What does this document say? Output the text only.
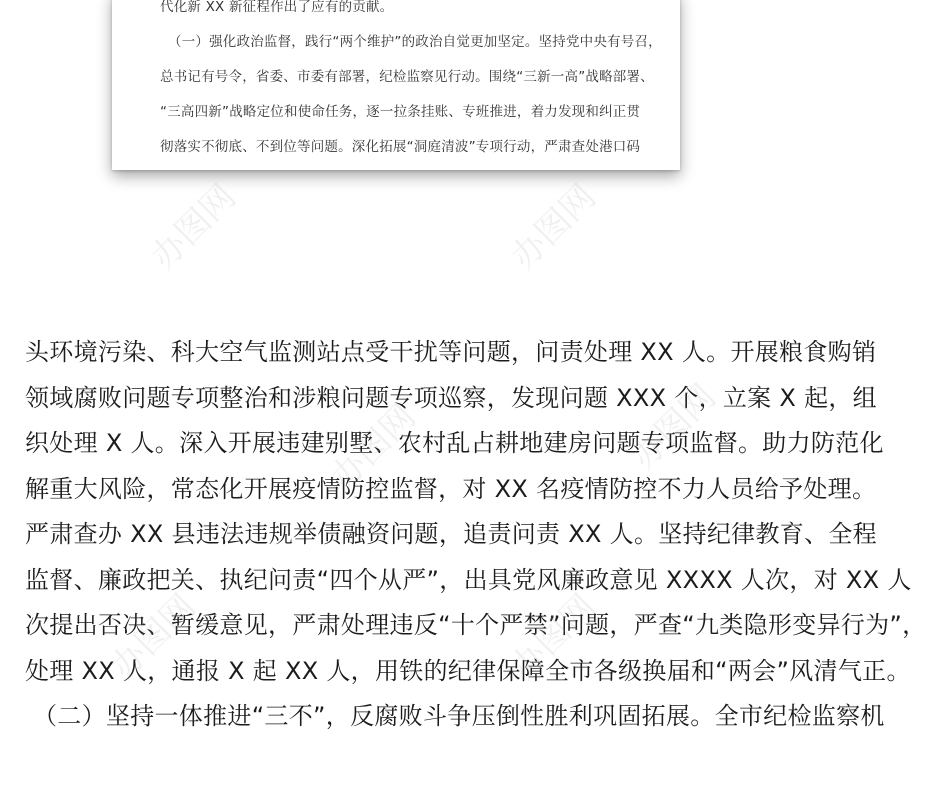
代化新 XX 新征程作出了应有的贡献。
（一）强化政治监督，践行“两个维护”的政治自觉更加坚定。坚持党中央有号召，
总书记有号令，省委、市委有部署，纪检监察见行动。围绕“三新一高”战略部署、
“三高四新”战略定位和使命任务，逐一拉条挂账、专班推进，着力发现和纠正贯
彻落实不彻底、不到位等问题。深化拓展“洞庭清波”专项行动，严肃查处港口码
头环境污染、科大空气监测站点受干扰等问题，问责处理 XX 人。开展粮食购销
领域腐败问题专项整治和涉粮问题专项巡察，发现问题 XXX 个，立案 X 起，组
织处理 X 人。深入开展违建别墅、农村乱占耕地建房问题专项监督。助力防范化
解重大风险，常态化开展疫情防控监督，对 XX 名疫情防控不力人员给予处理。
严肃查办 XX 县违法违规举债融资问题，追责问责 XX 人。坚持纪律教育、全程
监督、廉政把关、执纪问责“四个从严”，出具党风廉政意见 XXXX 人次，对 XX 人
次提出否决、暂缓意见，严肃处理违反“十个严禁”问题，严查“九类隐形变异行为”，
处理 XX 人，通报 X 起 XX 人，用铁的纪律保障全市各级换届和“两会”风清气正。
（二）坚持一体推进“三不”，反腐败斗争压倒性胜利巩固拓展。全市纪检监察机
办图网	办图网
办图网
办图网	办图网
办图网
